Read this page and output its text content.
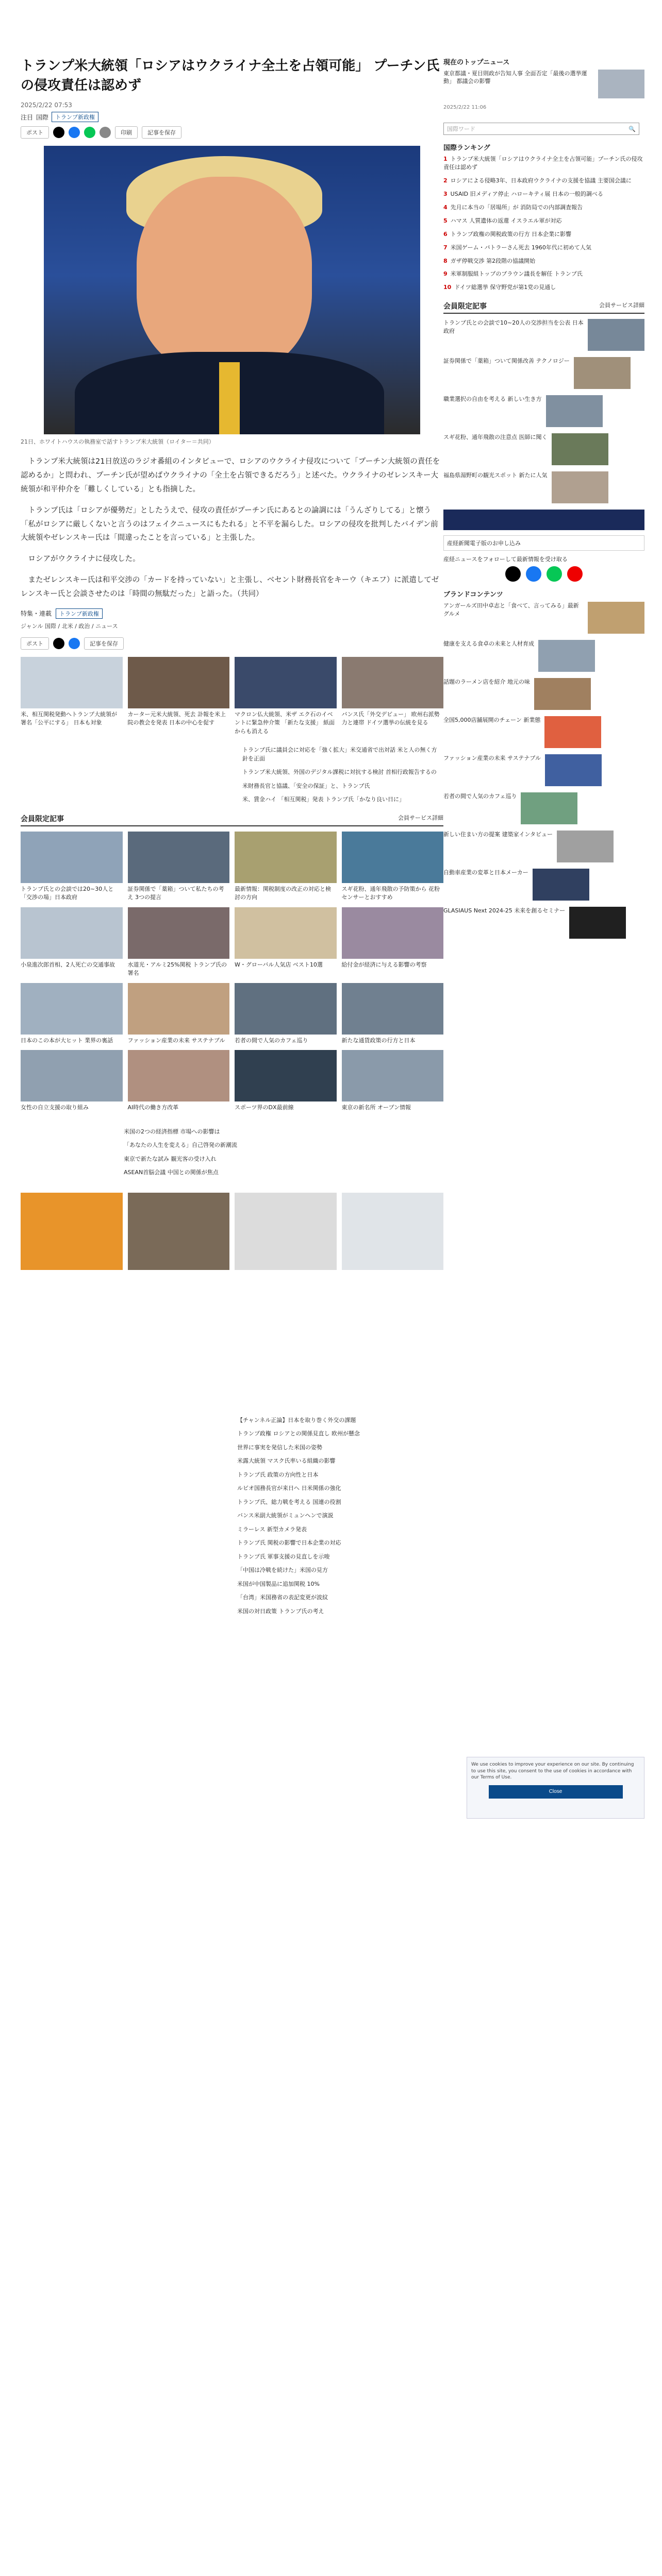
トランプ米大統領「ロシアはウクライナ全土を占領可能」 プーチン氏の侵攻責任は認めず
2025/2/22 07:53
注目 国際	トランプ新政権
ポスト	印刷	記事を保存
21日、ホワイトハウスの執務室で話すトランプ米大統領（ロイター＝共同）

トランプ米大統領は21日放送のラジオ番組のインタビューで、ロシアのウクライナ侵攻について「プーチン大統領の責任を認めるか」と問われ、プーチン氏が望めばウクライナの「全土を占領できるだろう」と述べた。ウクライナのゼレンスキー大統領が和平仲介を「難しくしている」とも指摘した。

トランプ氏は「ロシアが優勢だ」としたうえで、侵攻の責任がプーチン氏にあるとの論調には「うんざりしてる」と懐う「私がロシアに厳しくないと言うのはフェイクニュースにもたれる」と不平を漏らした。ロシアの侵攻を批判したバイデン前大統領やゼレンスキー氏は「間違ったことを言っている」と主張した。

ロシアがウクライナに侵攻した。

またゼレンスキー氏は和平交渉の「カードを持っていない」と主張し、ベセント財務長官をキーウ（キエフ）に派遣してゼレンスキー氏と会談させたのは「時間の無駄だった」と語った。（共同）

特集・連載	トランプ新政権
ジャンル 国際 / 北米 / 政治 / ニュース
ポスト	記事を保存
米、相互関税発動へトランプ大統領が署名「公平にする」 日本も対象
カーター元米大統領、死去 訃報を米上院の教会を発表 日本の中心を促す
マクロン仏大統領、米ザ エク石のイベントに緊急仲介策 「新たな支援」 紙面からも消える
バンス氏「外交デビュー」 欧州右派勢力と連帯 ドイツ選挙の伝統を見る
トランプ氏に議員会に対応を「強く拡大」米交通省で出対話 米と人の無く方針を正面
トランプ米大統領、外国のデジタル課税に対抗する検討 首相行政報告するの
米財務長官と協議、「安全の保証」と、トランプ氏
米、賃金ハイ 「相互関税」発表 トランプ氏「かなり良い日に」
会員限定記事	会員サービス詳細
トランプ氏との会談では20~30人と「交渉の場」日本政府
証券関係で「薬箱」ついて私たちの考え 3つの提言
最新情報：関税制度の改正の対応と検討の方向
スギ花粉、通年飛散の予防策から 花粉センサーとおすすめ
小泉進次郎首相、2人死亡の交通事故	水道光・アルミ25%関税 トランプ氏の署名
W・グローバル人気店 ベスト10選	給付金が経済に与える影響の考察
日本のこの本が大ヒット 業界の裏話	ファッション産業の未来 サステナブル	若者の間で人気のカフェ巡り	新たな通貨政策の行方と日本
女性の自立支援の取り組み	AI時代の働き方改革	スポーツ界のDX最前線	東京の新名所 オープン情報
米国の2つの経済指標 市場への影響は
「あなたの人生を変える」自己啓発の新潮流
東京で新たな試み 観光客の受け入れ
ASEAN首脳会議 中国との関係が焦点
【チャンネル正論】日本を取り巻く外交の課題
トランプ政権 ロシアとの関係見直し 欧州が懸念
世界に事実を発信した米国の姿勢
米露大統領 マスク氏率いる組織の影響
トランプ氏 政策の方向性と日本
ルビオ国務長官が来日へ 日米関係の強化
トランプ氏、総力戦を考える 国連の役割
バンス米副大統領がミュンヘンで演説
ミラーレス 新型カメラ発表
トランプ氏 関税の影響で日本企業の対応
トランプ氏 軍事支援の見直しを示唆
「中国は冷戦を続けた」米国の見方
米国が中国製品に追加関税 10%
「台湾」米国務省の表記変更が波紋
米国の対日政策 トランプ氏の考え
現在のトップニュース
東京都議・夏目則政が告知人事 全面否定「最後の選挙運動」 都議会の影響
2025/2/22 11:06
国際ワード	🔍
国際ランキング
1 トランプ米大統領「ロシアはウクライナ全土を占領可能」プーチン氏の侵攻責任は認めず
2 ロシアによる侵略3年、日本政府ウクライナの支援を協議 主要国会議に
3 USAID 旧メディア停止 ハローキティ展 日本の一般的調べる
4 先月に本当の「居場所」が 消防局での内部調査報告
5 ハマス 人質遺体の返還 イスラエル軍が対応
6 トランプ政権の関税政策の行方 日本企業に影響
7 米国ゲーム・パトラーさん死去 1960年代に初めて人気
8 ガザ停戦交渉 第2段階の協議開始
9 米軍制服組トップのブラウン議長を解任 トランプ氏
10 ドイツ総選挙 保守野党が第1党の見通し
会員限定記事	会員サービス詳細
トランプ氏との会談で10~20人の交渉担当を公表 日本政府
証券関係で「薬箱」ついて関係改善 テクノロジー
職業選択の自由を考える 新しい生き方
スギ花粉、通年飛散の注意点 医師に聞く
福島県湯野町の観光スポット 新たに人気
産経新聞電子版のお申し込み
産経ニュースをフォローして最新情報を受け取る
ブランドコンテンツ
アンガールズ田中卓志と「食べて、言ってみる」最新グルメ
健康を支える食卓の未来と人材育成
話題のラーメン店を紹介 地元の味
全国5,000店舗展開のチェーン 新業態
ファッション産業の未来 サステナブル
若者の間で人気のカフェ巡り
新しい住まい方の提案 建築家インタビュー
自動車産業の変革と日本メーカー
GLASIAUS Next 2024-25 未来を創るセミナー
We use cookies to improve your experience on our site. By continuing to use this site, you consent to the use of cookies in accordance with our Terms of Use.
Close
